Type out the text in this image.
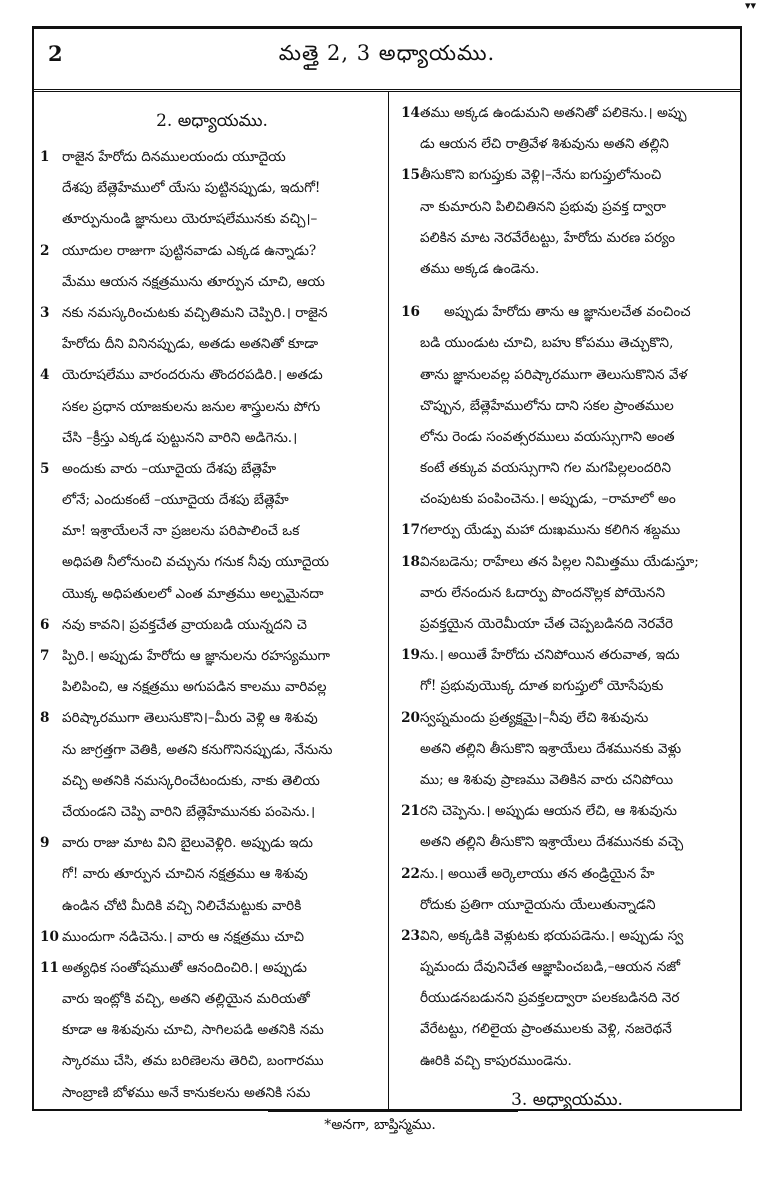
▾▾
2	మత్తై 2, 3 అధ్యాయము.
2. అధ్యాయము.
1 రాజైన హేరోదు దినములయందు యూదైయ
దేశపు బేత్లెహేములో యేసు పుట్టినప్పుడు, ఇదుగో!
తూర్పునుండి జ్ఞానులు యెరూషలేమునకు వచ్చి।–
2 యూదుల రాజుగా పుట్టినవాడు ఎక్కడ ఉన్నాడు?
మేము ఆయన నక్షత్రమును తూర్పున చూచి, ఆయ
3 నకు నమస్కరించుటకు వచ్చితిమని చెప్పిరి.। రాజైన
హేరోదు దీని వినినప్పుడు, అతడు అతనితో కూడా
4 యెరూషలేము వారందరును తొందరపడిరి.। అతడు
సకల ప్రధాన యాజకులను జనుల శాస్త్రులను పోగు
చేసి –క్రీస్తు ఎక్కడ పుట్టునని వారిని అడిగెను.।
5 అందుకు వారు –యూదైయ దేశపు బేత్లెహే
లోనే; ఎందుకంటే –యూదైయ దేశపు బేత్లెహే
మా! ఇశ్రాయేలనే నా ప్రజలను పరిపాలించే ఒక
అధిపతి నీలోనుంచి వచ్చును గనుక నీవు యూదైయ
యొక్క అధిపతులలో ఎంత మాత్రము అల్పమైనదా
6 నవు కావని। ప్రవక్తచేత వ్రాయబడి యున్నదని చె
7 ప్పిరి.। అప్పుడు హేరోదు ఆ జ్ఞానులను రహస్యముగా
పిలిపించి, ఆ నక్షత్రము అగుపడిన కాలము వారివల్ల
8 పరిష్కారముగా తెలుసుకొని।–మీరు వెళ్లి ఆ శిశువు
ను జాగ్రత్తగా వెతికి, అతని కనుగొనినప్పుడు, నేనును
వచ్చి అతనికి నమస్కరించేటందుకు, నాకు తెలియ
చేయండని చెప్పి వారిని బేత్లెహేమునకు పంపెను.।
9 వారు రాజు మాట విని బైలువెళ్లిరి. అప్పుడు ఇదు
గో! వారు తూర్పున చూచిన నక్షత్రము ఆ శిశువు
ఉండిన చోటి మీదికి వచ్చి నిలిచేమట్టుకు వారికి
10 ముందుగా నడిచెను.। వారు ఆ నక్షత్రము చూచి
11 అత్యధిక సంతోషముతో ఆనందించిరి.। అప్పుడు
వారు ఇంట్లోకి వచ్చి, అతని తల్లియైన మరియతో
కూడా ఆ శిశువును చూచి, సాగిలపడి అతనికి నమ
స్కారము చేసి, తమ బరిణెలను తెరిచి, బంగారము
సాంబ్రాణి బోళము అనే కానుకలను అతనికి సమ
14 తము అక్కడ ఉండుమని అతనితో పలికెను.। అప్పు
డు ఆయన లేచి రాత్రివేళ శిశువును అతని తల్లిని
15 తీసుకొని ఐగుప్తుకు వెళ్లి।–నేను ఐగుప్తులోనుంచి
నా కుమారుని పిలిచితినని ప్రభువు ప్రవక్త ద్వారా
పలికిన మాట నెరవేరేటట్టు, హేరోదు మరణ పర్యం
తము అక్కడ ఉండెను.
16	అప్పుడు హేరోదు తాను ఆ జ్ఞానులచేత వంచించ
బడి యుండుట చూచి, బహు కోపము తెచ్చుకొని,
తాను జ్ఞానులవల్ల పరిష్కారముగా తెలుసుకొనిన వేళ
చొప్పున, బేత్లెహేములోను దాని సకల ప్రాంతముల
లోను రెండు సంవత్సరములు వయస్సుగాని అంత
కంటే తక్కువ వయస్సుగాని గల మగపిల్లలందరిని
చంపుటకు పంపించెను.। అప్పుడు, –రామాలో అం
17 గలార్పు యేడ్పు మహా దుఃఖమును కలిగిన శబ్దము
18 వినబడెను; రాహేలు తన పిల్లల నిమిత్తము యేడుస్తూ;
వారు లేనందున ఓదార్పు పొందనొల్లక పోయెనని
ప్రవక్తయైన యెరెమీయా చేత చెప్పబడినది నెరవేరె
19 ను.। అయితే హేరోదు చనిపోయిన తరువాత, ఇదు
గో! ప్రభువుయొక్క దూత ఐగుప్తులో యోసేపుకు
20 స్వప్నమందు ప్రత్యక్షమై।–నీవు లేచి శిశువును
అతని తల్లిని తీసుకొని ఇశ్రాయేలు దేశమునకు వెళ్లు
ము; ఆ శిశువు ప్రాణము వెతికిన వారు చనిపోయి
21 రని చెప్పెను.। అప్పుడు ఆయన లేచి, ఆ శిశువును
అతని తల్లిని తీసుకొని ఇశ్రాయేలు దేశమునకు వచ్చె
22 ను.। అయితే అర్కెలాయు తన తండ్రియైన హే
రోదుకు ప్రతిగా యూదైయను యేలుతున్నాడని
23 విని, అక్కడికి వెళ్లుటకు భయపడెను.। అప్పుడు స్వ
ప్నమందు దేవునిచేత ఆజ్ఞాపించబడి,–ఆయన నజో
రీయుడనబడునని ప్రవక్తలద్వారా పలకబడినది నెర
వేరేటట్టు, గలిలైయ ప్రాంతములకు వెళ్లి, నజరెథనే
ఊరికి వచ్చి కాపురముండెను.
3. అధ్యాయము.
*అనగా, బాప్తిస్మము.
